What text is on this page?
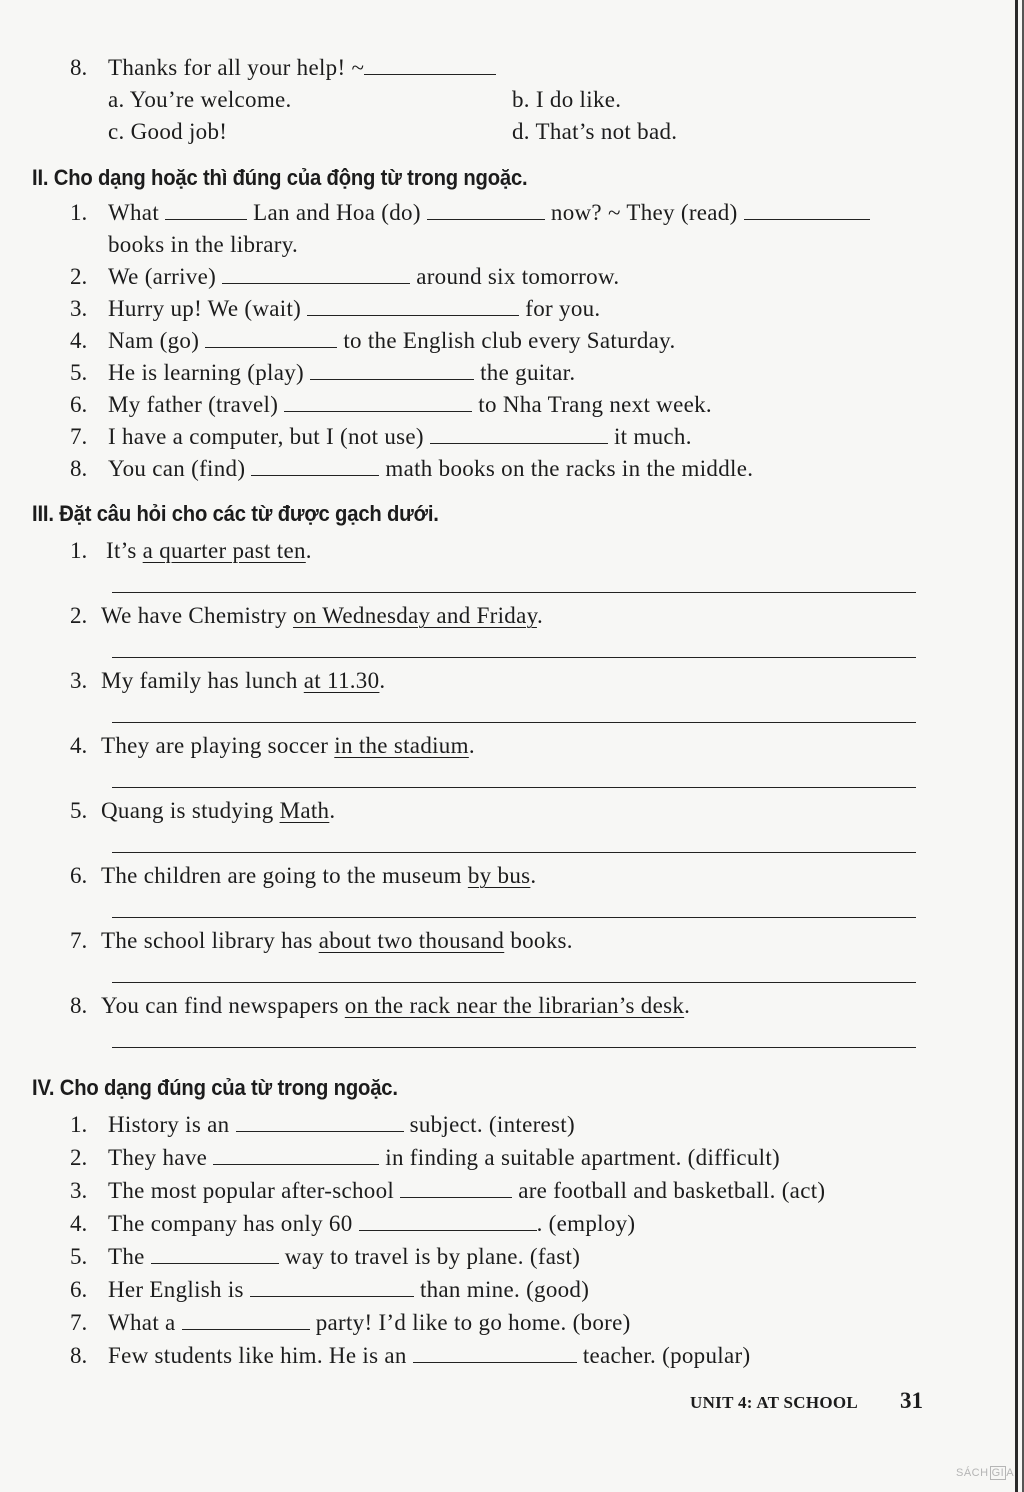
8. Thanks for all your help! ~
a. You’re welcome.	b. I do like.
c. Good job!	d. That’s not bad.
II. Cho dạng hoặc thì đúng của động từ trong ngoặc.
1. What	Lan and Hoa (do)	now? ~ They (read)
books in the library.
2. We (arrive)	around six tomorrow.
3. Hurry up! We (wait)	for you.
4. Nam (go)	to the English club every Saturday.
5. He is learning (play)	the guitar.
6. My father (travel)	to Nha Trang next week.
7. I have a computer, but I (not use)	it much.
8. You can (find)	math books on the racks in the middle.
III. Đặt câu hỏi cho các từ được gạch dưới.
1. It’s a quarter past ten.
2. We have Chemistry on Wednesday and Friday.
3. My family has lunch at 11.30.
4. They are playing soccer in the stadium.
5. Quang is studying Math.
6. The children are going to the museum by bus.
7. The school library has about two thousand books.
8. You can find newspapers on the rack near the librarian’s desk.
IV. Cho dạng đúng của từ trong ngoặc.
1. History is an	subject. (interest)
2. They have	in finding a suitable apartment. (difficult)
3. The most popular after-school	are football and basketball. (act)
4. The company has only 60	. (employ)
5. The	way to travel is by plane. (fast)
6. Her English is	than mine. (good)
7. What a	party! I’d like to go home. (bore)
8. Few students like him. He is an	teacher. (popular)
UNIT 4: AT SCHOOL 31
SÁCH GI A
